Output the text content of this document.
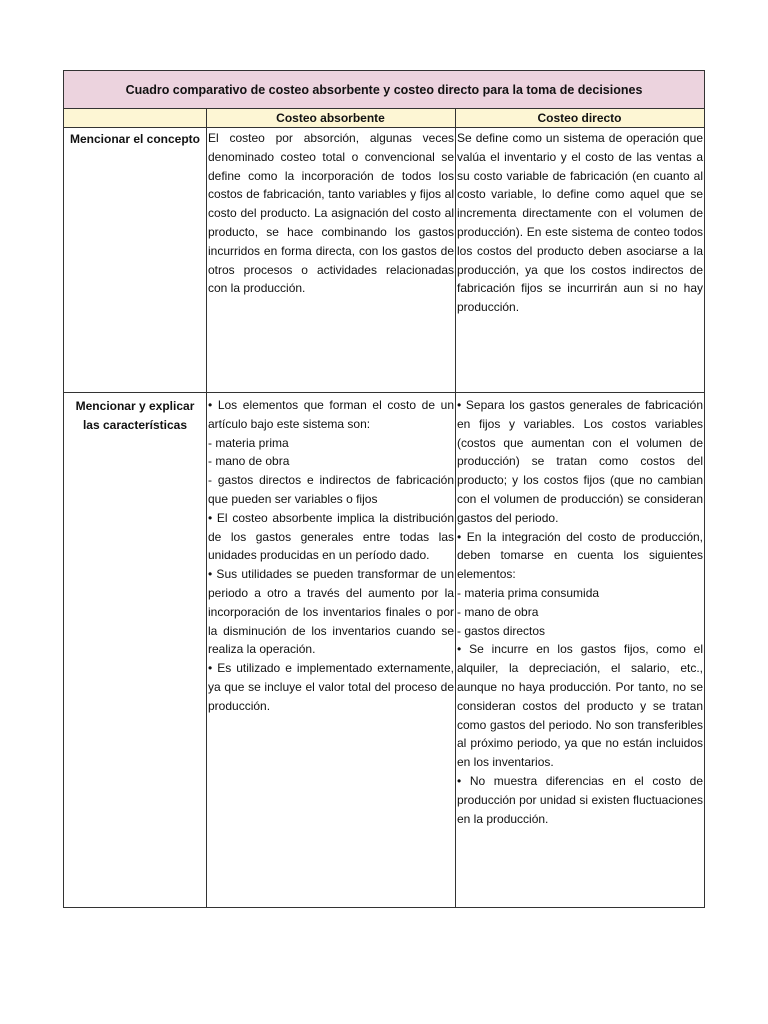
Cuadro comparativo de costeo absorbente y costeo directo para la toma de decisiones
Costeo absorbente	Costeo directo
Mencionar el concepto El costeo por absorción, algunas veces denominado costeo total o convencional se define como la incorporación de todos los costos de fabricación, tanto variables y fijos al costo del producto. La asignación del costo al producto, se hace combinando los gastos incurridos en forma directa, con los gastos de otros procesos o actividades relacionadas con la producción.

Se define como un sistema de operación que valúa el inventario y el costo de las ventas a su costo variable de fabricación (en cuanto al costo variable, lo define como aquel que se incrementa directamente con el volumen de producción). En este sistema de conteo todos los costos del producto deben asociarse a la producción, ya que los costos indirectos de fabricación fijos se incurrirán aun si no hay producción.

Mencionar y explicar las características

• Los elementos que forman el costo de un artículo bajo este sistema son:

- materia prima

- mano de obra

- gastos directos e indirectos de fabricación que pueden ser variables o fijos

• El costeo absorbente implica la distribución de los gastos generales entre todas las unidades producidas en un período dado.

• Sus utilidades se pueden transformar de un periodo a otro a través del aumento por la incorporación de los inventarios finales o por la disminución de los inventarios cuando se realiza la operación.

• Es utilizado e implementado externamente, ya que se incluye el valor total del proceso de producción.

• Separa los gastos generales de fabricación en fijos y variables. Los costos variables (costos que aumentan con el volumen de producción) se tratan como costos del producto; y los costos fijos (que no cambian con el volumen de producción) se consideran gastos del periodo.

• En la integración del costo de producción, deben tomarse en cuenta los siguientes elementos:

- materia prima consumida

- mano de obra

- gastos directos

• Se incurre en los gastos fijos, como el alquiler, la depreciación, el salario, etc., aunque no haya producción. Por tanto, no se consideran costos del producto y se tratan como gastos del periodo. No son transferibles al próximo periodo, ya que no están incluidos en los inventarios.

• No muestra diferencias en el costo de producción por unidad si existen fluctuaciones en la producción.
